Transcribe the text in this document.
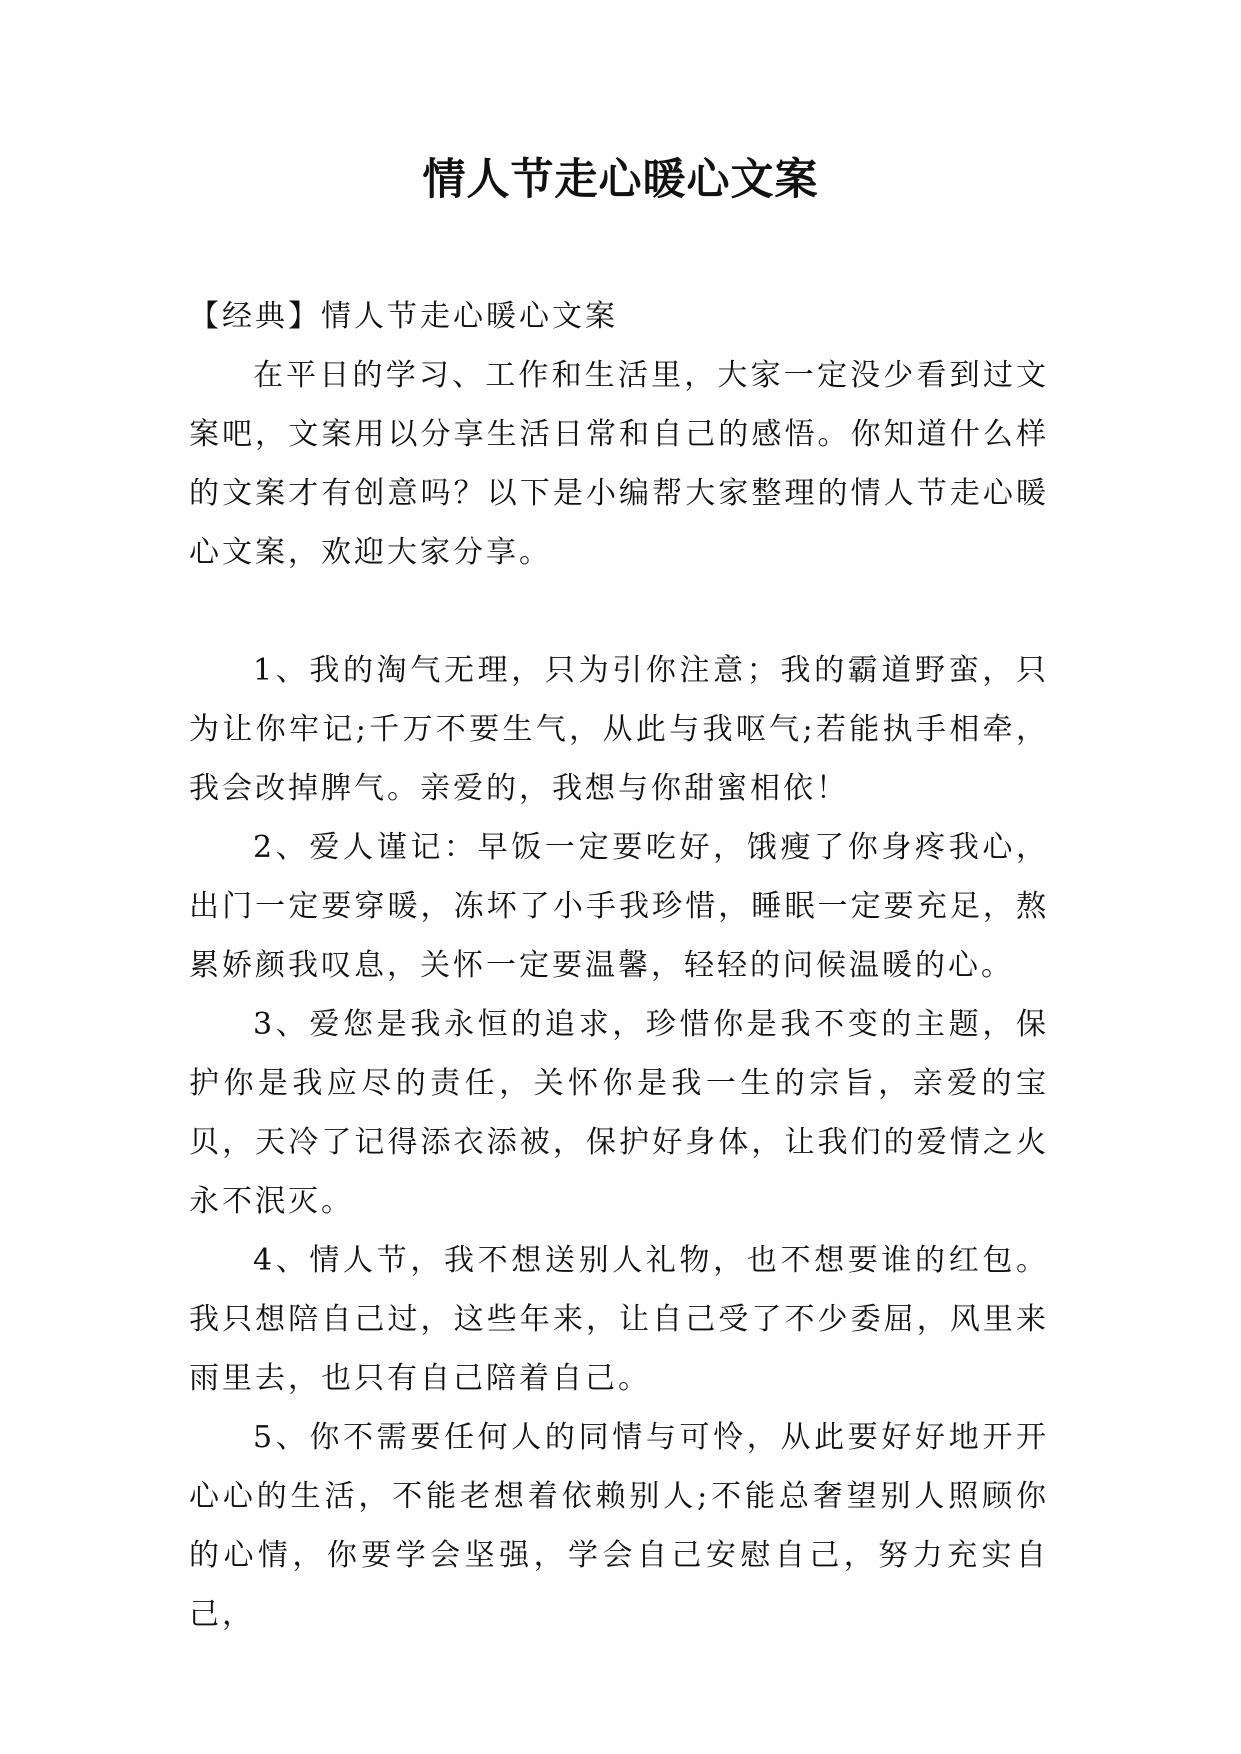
情人节走心暖心文案

【经典】情人节走心暖心文案

在平日的学习、工作和生活里，大家一定没少看到过文案吧，文案用以分享生活日常和自己的感悟。你知道什么样的文案才有创意吗？以下是小编帮大家整理的情人节走心暖心文案，欢迎大家分享。

1、我的淘气无理，只为引你注意；我的霸道野蛮，只为让你牢记;千万不要生气，从此与我呕气;若能执手相牵，我会改掉脾气。亲爱的，我想与你甜蜜相依！

2、爱人谨记：早饭一定要吃好，饿瘦了你身疼我心，出门一定要穿暖，冻坏了小手我珍惜，睡眠一定要充足，熬累娇颜我叹息，关怀一定要温馨，轻轻的问候温暖的心。

3、爱您是我永恒的追求，珍惜你是我不变的主题，保护你是我应尽的责任，关怀你是我一生的宗旨，亲爱的宝贝，天冷了记得添衣添被，保护好身体，让我们的爱情之火永不泯灭。

4、情人节，我不想送别人礼物，也不想要谁的红包。我只想陪自己过，这些年来，让自己受了不少委屈，风里来雨里去，也只有自己陪着自己。

5、你不需要任何人的同情与可怜，从此要好好地开开心心的生活，不能老想着依赖别人;不能总奢望别人照顾你的心情，你要学会坚强，学会自己安慰自己，努力充实自己，
